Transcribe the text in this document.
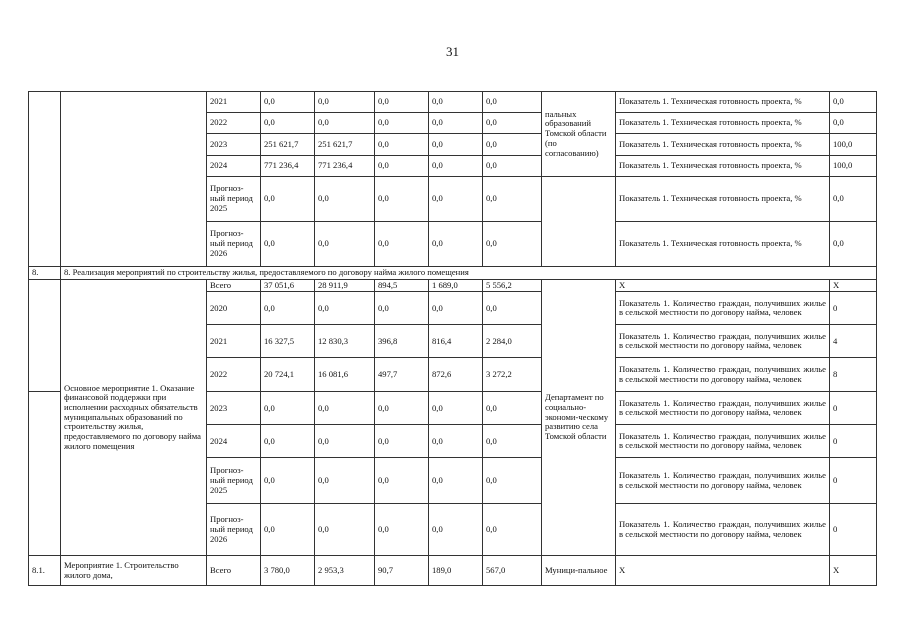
31
		2021	0,0	0,0	0,0	0,0	0,0	пальных образований Томской области (по согласованию)	Показатель 1. Техническая готовность проекта, %	0,0
		2022	0,0	0,0	0,0	0,0	0,0		Показатель 1. Техническая готовность проекта, %	0,0
		2023	251 621,7	251 621,7	0,0	0,0	0,0		Показатель 1. Техническая готовность проекта, %	100,0
		2024	771 236,4	771 236,4	0,0	0,0	0,0		Показатель 1. Техническая готовность проекта, %	100,0
		Прогноз-ный период 2025	0,0	0,0	0,0	0,0	0,0		Показатель 1. Техническая готовность проекта, %	0,0
		Прогноз-ный период 2026	0,0	0,0	0,0	0,0	0,0		Показатель 1. Техническая готовность проекта, %	0,0
8.	8. Реализация мероприятий по строительству жилья, предоставляемого по договору найма жилого помещения									
	Основное мероприятие 1. Оказание финансовой поддержки при исполнении расходных обязательств муниципальных образований по строительству жилья, предоставляемого по договору найма жилого помещения	Всего	37 051,6	28 911,9	894,5	1 689,0	5 556,2	Департамент по социально-экономи-ческому развитию села Томской области	X	X
		2020	0,0	0,0	0,0	0,0	0,0		Показатель 1. Количество граждан, получивших жилье в сельской местности по договору найма, человек	0
		2021	16 327,5	12 830,3	396,8	816,4	2 284,0		Показатель 1. Количество граждан, получивших жилье в сельской местности по договору найма, человек	4
		2022	20 724,1	16 081,6	497,7	872,6	3 272,2		Показатель 1. Количество граждан, получивших жилье в сельской местности по договору найма, человек	8
		2023	0,0	0,0	0,0	0,0	0,0		Показатель 1. Количество граждан, получивших жилье в сельской местности по договору найма, человек	0
		2024	0,0	0,0	0,0	0,0	0,0		Показатель 1. Количество граждан, получивших жилье в сельской местности по договору найма, человек	0
		Прогноз-ный период 2025	0,0	0,0	0,0	0,0	0,0		Показатель 1. Количество граждан, получивших жилье в сельской местности по договору найма, человек	0
		Прогноз-ный период 2026	0,0	0,0	0,0	0,0	0,0		Показатель 1. Количество граждан, получивших жилье в сельской местности по договору найма, человек	0
8.1.	Мероприятие 1. Строительство жилого дома,	Всего	3 780,0	2 953,3	90,7	189,0	567,0	Муници-пальное	X	X
